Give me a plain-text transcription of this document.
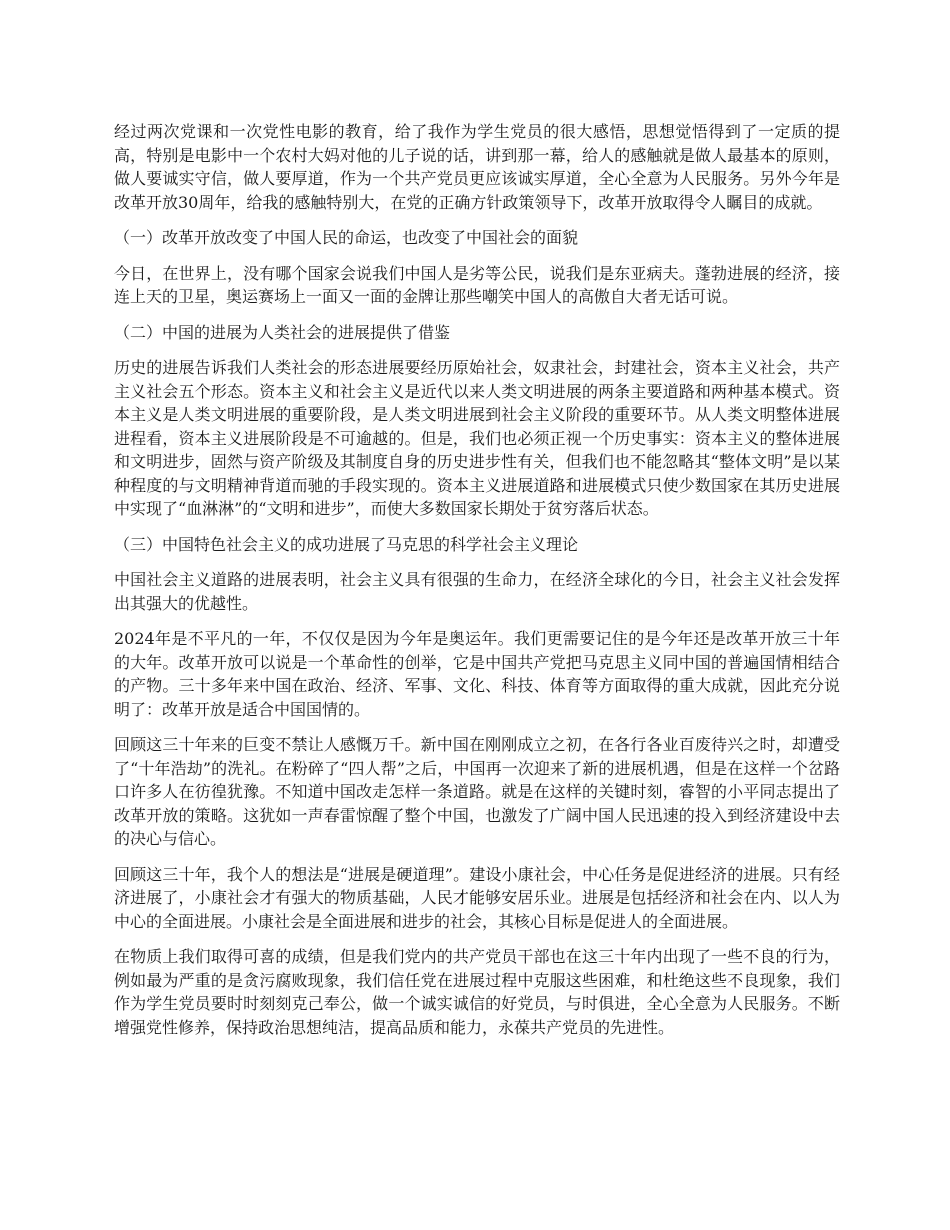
经过两次党课和一次党性电影的教育，给了我作为学生党员的很大感悟，思想觉悟得到了一定质的提高，特别是电影中一个农村大妈对他的儿子说的话，讲到那一幕，给人的感触就是做人最基本的原则，做人要诚实守信，做人要厚道，作为一个共产党员更应该诚实厚道，全心全意为人民服务。另外今年是改革开放30周年，给我的感触特别大，在党的正确方针政策领导下，改革开放取得令人瞩目的成就。

（一）改革开放改变了中国人民的命运，也改变了中国社会的面貌

今日，在世界上，没有哪个国家会说我们中国人是劣等公民，说我们是东亚病夫。蓬勃进展的经济，接连上天的卫星，奥运赛场上一面又一面的金牌让那些嘲笑中国人的高傲自大者无话可说。

（二）中国的进展为人类社会的进展提供了借鉴

历史的进展告诉我们人类社会的形态进展要经历原始社会，奴隶社会，封建社会，资本主义社会，共产主义社会五个形态。资本主义和社会主义是近代以来人类文明进展的两条主要道路和两种基本模式。资本主义是人类文明进展的重要阶段，是人类文明进展到社会主义阶段的重要环节。从人类文明整体进展进程看，资本主义进展阶段是不可逾越的。但是，我们也必须正视一个历史事实：资本主义的整体进展和文明进步，固然与资产阶级及其制度自身的历史进步性有关，但我们也不能忽略其“整体文明”是以某种程度的与文明精神背道而驰的手段实现的。资本主义进展道路和进展模式只使少数国家在其历史进展中实现了“血淋淋”的“文明和进步”，而使大多数国家长期处于贫穷落后状态。

（三）中国特色社会主义的成功进展了马克思的科学社会主义理论

中国社会主义道路的进展表明，社会主义具有很强的生命力，在经济全球化的今日，社会主义社会发挥出其强大的优越性。

2024年是不平凡的一年，不仅仅是因为今年是奥运年。我们更需要记住的是今年还是改革开放三十年的大年。改革开放可以说是一个革命性的创举，它是中国共产党把马克思主义同中国的普遍国情相结合的产物。三十多年来中国在政治、经济、军事、文化、科技、体育等方面取得的重大成就，因此充分说明了：改革开放是适合中国国情的。

回顾这三十年来的巨变不禁让人感慨万千。新中国在刚刚成立之初，在各行各业百废待兴之时，却遭受了“十年浩劫”的洗礼。在粉碎了“四人帮”之后，中国再一次迎来了新的进展机遇，但是在这样一个岔路口许多人在彷徨犹豫。不知道中国改走怎样一条道路。就是在这样的关键时刻，睿智的小平同志提出了改革开放的策略。这犹如一声春雷惊醒了整个中国，也激发了广阔中国人民迅速的投入到经济建设中去的决心与信心。

回顾这三十年，我个人的想法是“进展是硬道理”。建设小康社会，中心任务是促进经济的进展。只有经济进展了，小康社会才有强大的物质基础，人民才能够安居乐业。进展是包括经济和社会在内、以人为中心的全面进展。小康社会是全面进展和进步的社会，其核心目标是促进人的全面进展。

在物质上我们取得可喜的成绩，但是我们党内的共产党员干部也在这三十年内出现了一些不良的行为，例如最为严重的是贪污腐败现象，我们信任党在进展过程中克服这些困难，和杜绝这些不良现象，我们作为学生党员要时时刻刻克己奉公，做一个诚实诚信的好党员，与时俱进，全心全意为人民服务。不断增强党性修养，保持政治思想纯洁，提高品质和能力，永葆共产党员的先进性。
